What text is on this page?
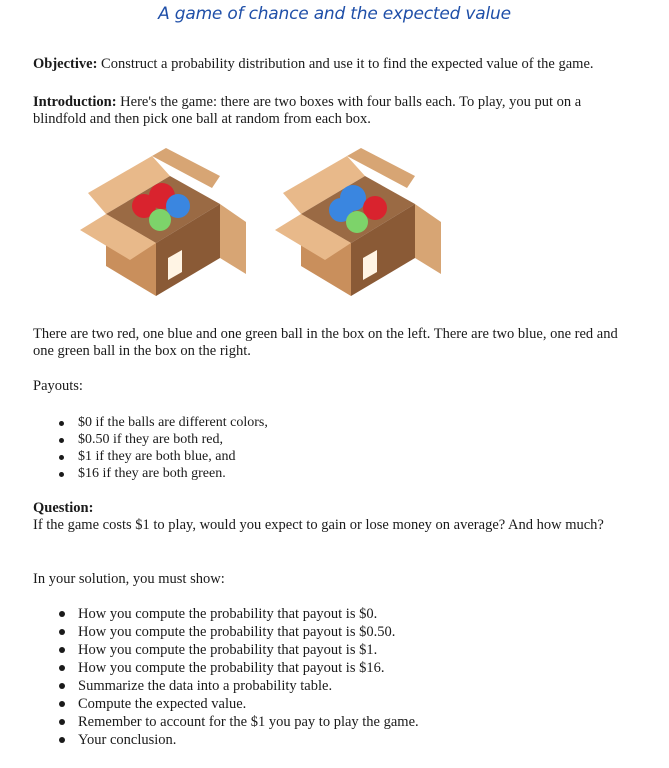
A game of chance and the expected value
Objective: Construct a probability distribution and use it to find the expected value of the game.
Introduction: Here's the game: there are two boxes with four balls each. To play, you put on a blindfold and then pick one ball at random from each box.
There are two red, one blue and one green ball in the box on the left. There are two blue, one red and one green ball in the box on the right.
Payouts:
$0 if the balls are different colors,
$0.50 if they are both red,
$1 if they are both blue, and
$16 if they are both green.
Question:
If the game costs $1 to play, would you expect to gain or lose money on average? And how much?
In your solution, you must show:
How you compute the probability that payout is $0.
How you compute the probability that payout is $0.50.
How you compute the probability that payout is $1.
How you compute the probability that payout is $16.
Summarize the data into a probability table.
Compute the expected value.
Remember to account for the $1 you pay to play the game.
Your conclusion.
